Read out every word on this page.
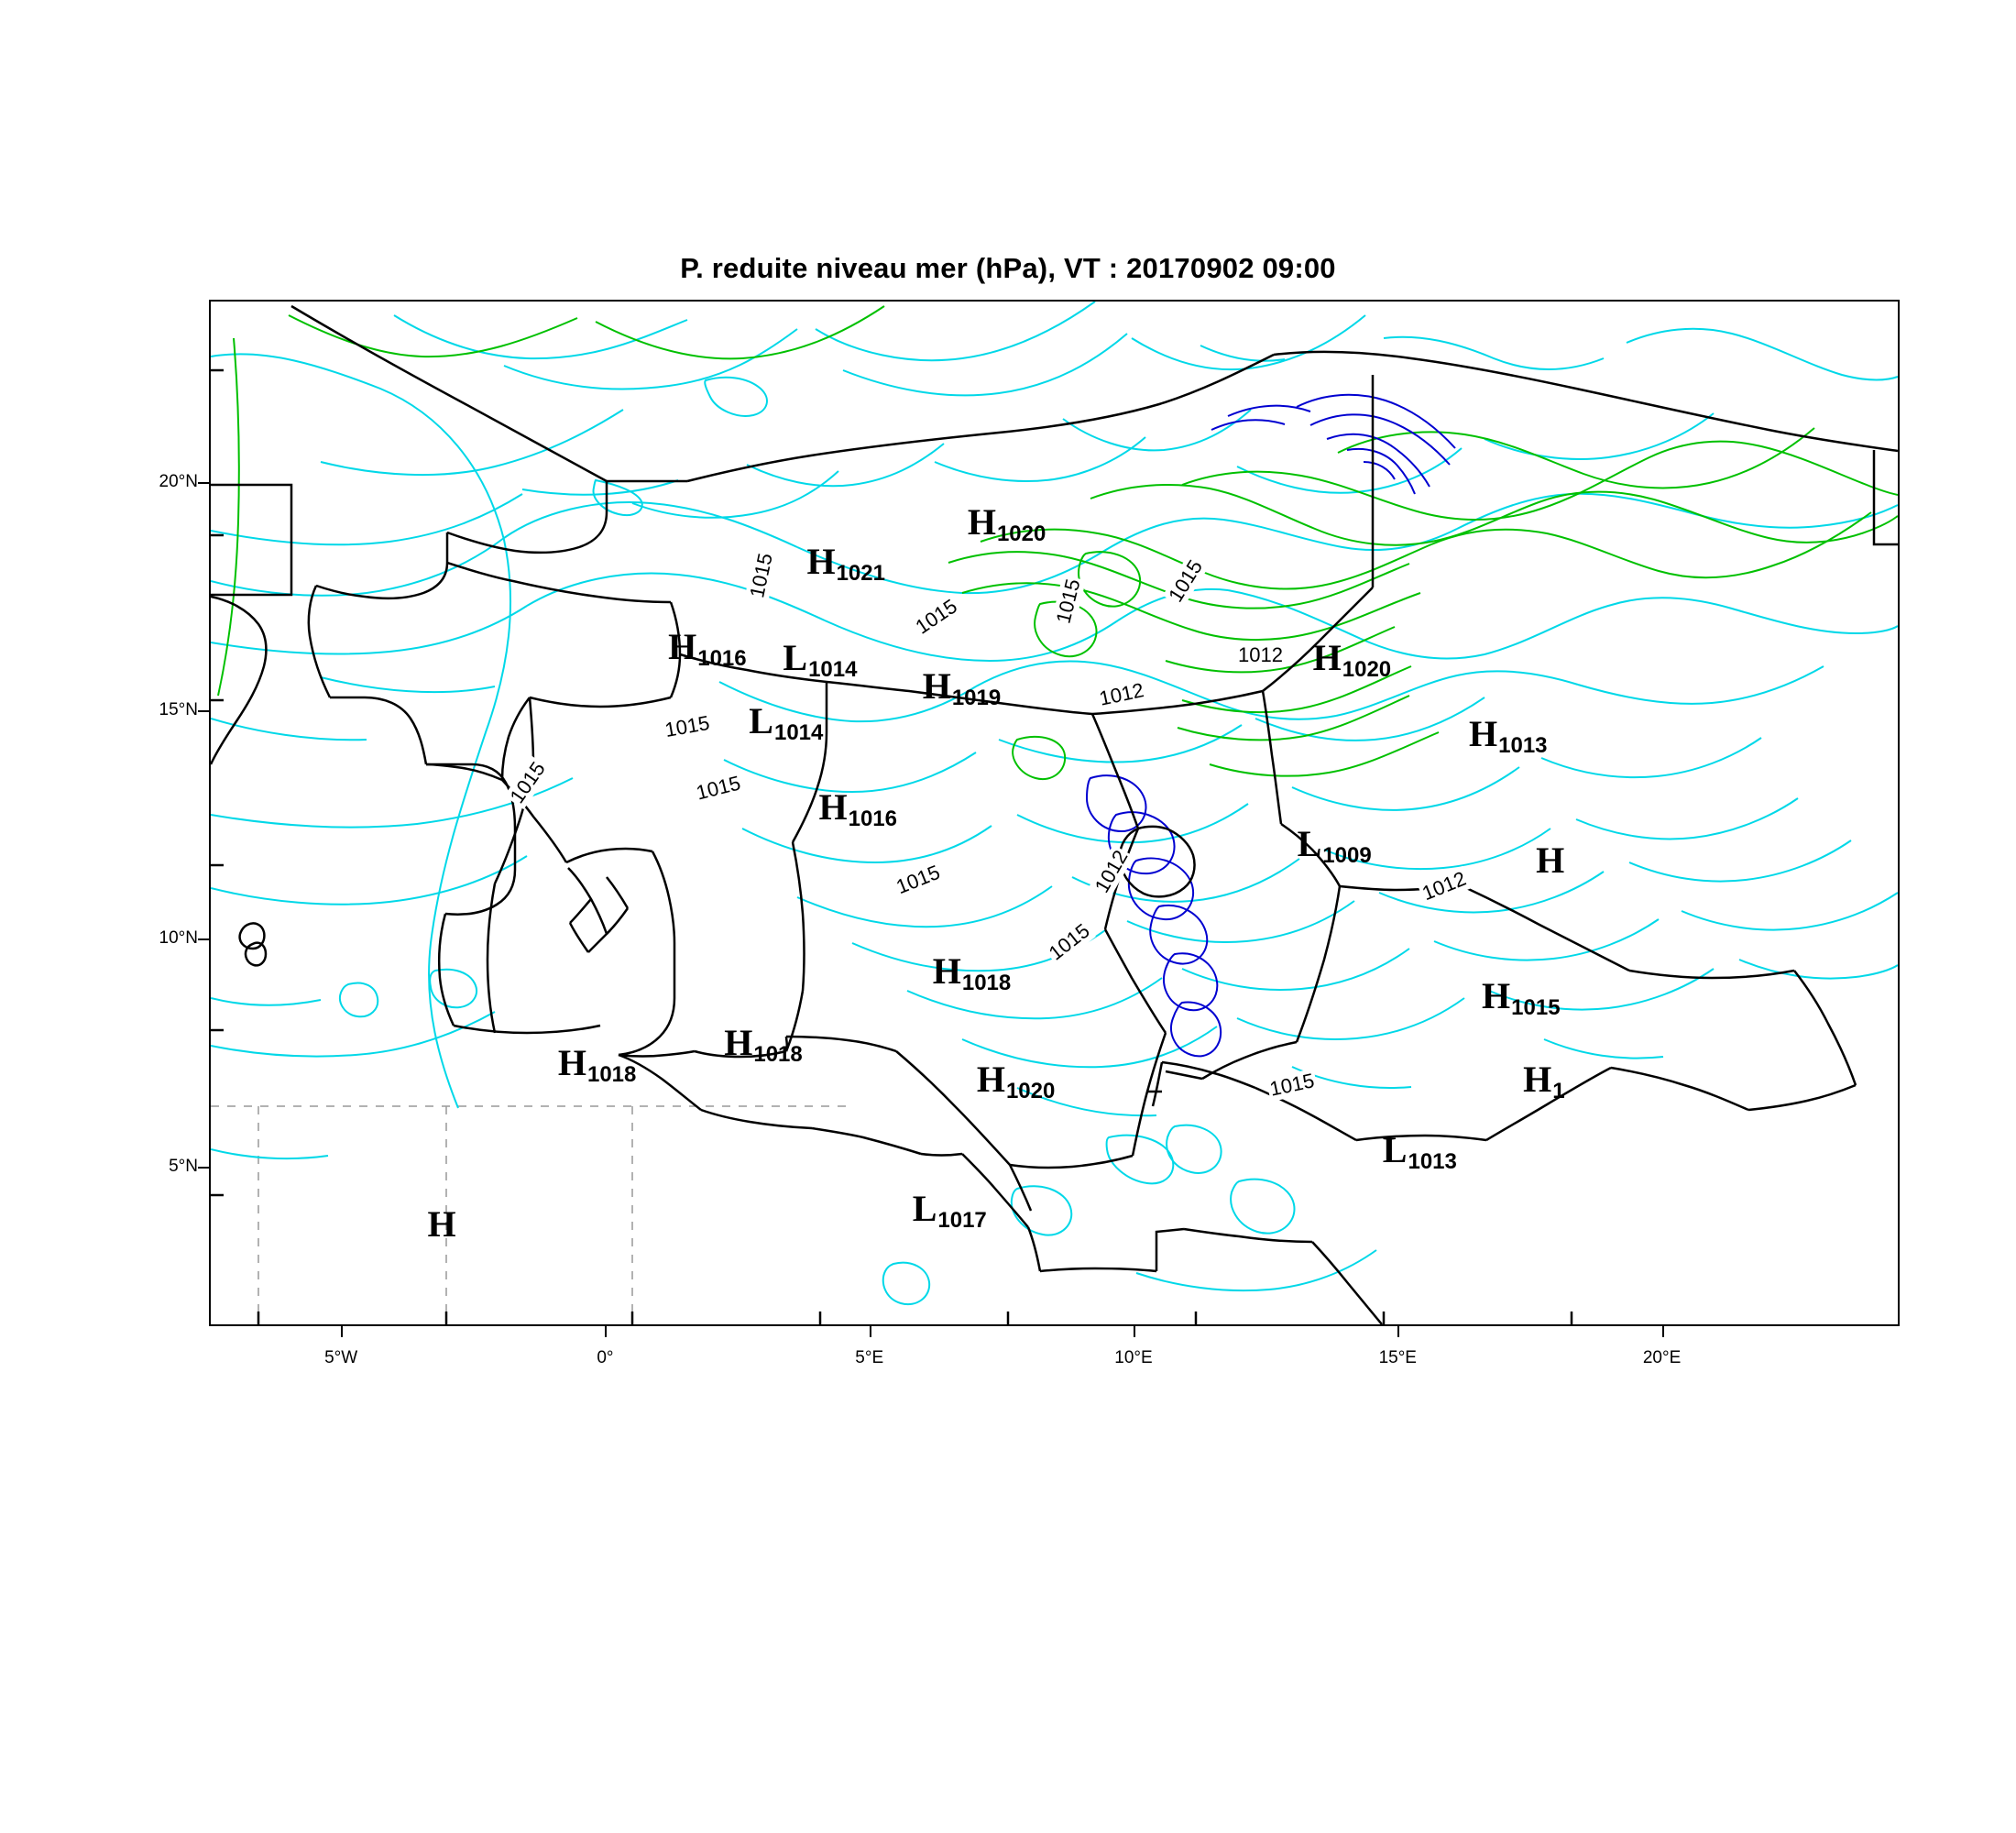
P. reduite niveau mer (hPa), VT : 20170902 09:00
1015
1015	1015	1015
1012
1012
1015
1015	1015
1015	1012	1012
1015
1015
H1020
H1021
H1016 L1014 H1019
H1020
L1014	H1013
H1016
L1009	H
H1018	H1015
H1018
H1018	H1020	H1
L1013
L1017
H
20°N
15°N
10°N
5°N
5°W	0°	5°E	10°E	15°E	20°E
